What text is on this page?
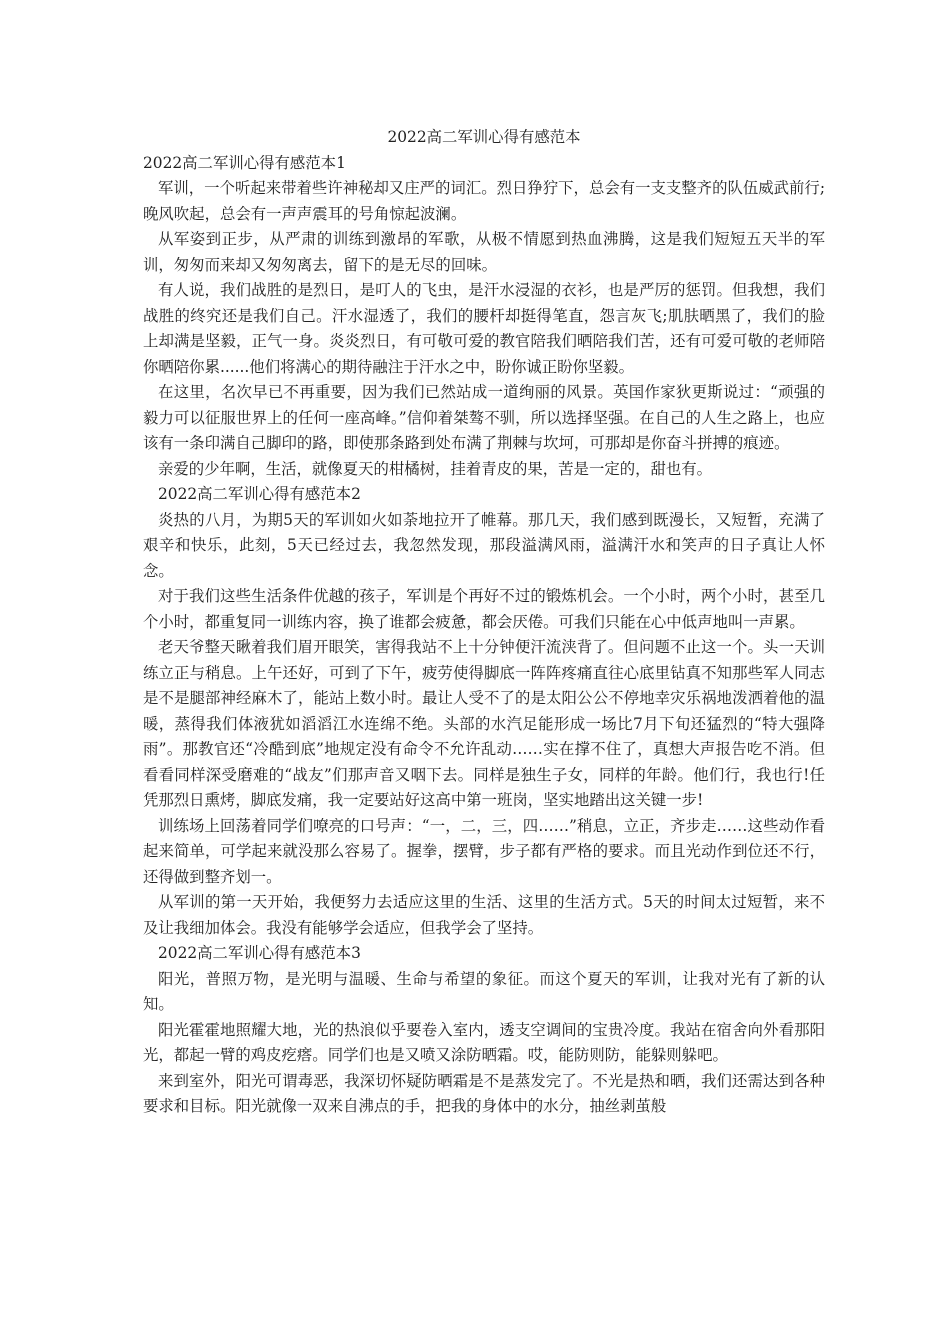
2022高二军训心得有感范本

2022高二军训心得有感范本1

军训，一个听起来带着些许神秘却又庄严的词汇。烈日狰狞下，总会有一支支整齐的队伍威武前行;晚风吹起，总会有一声声震耳的号角惊起波澜。

从军姿到正步，从严肃的训练到激昂的军歌，从极不情愿到热血沸腾，这是我们短短五天半的军训，匆匆而来却又匆匆离去，留下的是无尽的回味。

有人说，我们战胜的是烈日，是叮人的飞虫，是汗水浸湿的衣衫，也是严厉的惩罚。但我想，我们战胜的终究还是我们自己。汗水湿透了，我们的腰杆却挺得笔直，怨言灰飞;肌肤晒黑了，我们的脸上却满是坚毅，正气一身。炎炎烈日，有可敬可爱的教官陪我们晒陪我们苦，还有可爱可敬的老师陪你晒陪你累......他们将满心的期待融注于汗水之中，盼你诚正盼你坚毅。

在这里，名次早已不再重要，因为我们已然站成一道绚丽的风景。英国作家狄更斯说过：“顽强的毅力可以征服世界上的任何一座高峰。”信仰着桀骜不驯，所以选择坚强。在自己的人生之路上，也应该有一条印满自己脚印的路，即使那条路到处布满了荆棘与坎坷，可那却是你奋斗拼搏的痕迹。

亲爱的少年啊，生活，就像夏天的柑橘树，挂着青皮的果，苦是一定的，甜也有。

2022高二军训心得有感范本2

炎热的八月，为期5天的军训如火如荼地拉开了帷幕。那几天，我们感到既漫长，又短暂，充满了艰辛和快乐，此刻，5天已经过去，我忽然发现，那段溢满风雨，溢满汗水和笑声的日子真让人怀念。

对于我们这些生活条件优越的孩子，军训是个再好不过的锻炼机会。一个小时，两个小时，甚至几个小时，都重复同一训练内容，换了谁都会疲惫，都会厌倦。可我们只能在心中低声地叫一声累。

老天爷整天瞅着我们眉开眼笑，害得我站不上十分钟便汗流浃背了。但问题不止这一个。头一天训练立正与稍息。上午还好，可到了下午，疲劳使得脚底一阵阵疼痛直往心底里钻真不知那些军人同志是不是腿部神经麻木了，能站上数小时。最让人受不了的是太阳公公不停地幸灾乐祸地泼洒着他的温暖，蒸得我们体液犹如滔滔江水连绵不绝。头部的水汽足能形成一场比7月下旬还猛烈的“特大强降雨”。那教官还“冷酷到底”地规定没有命令不允许乱动……实在撑不住了，真想大声报告吃不消。但看看同样深受磨难的“战友”们那声音又咽下去。同样是独生子女，同样的年龄。他们行，我也行!任凭那烈日熏烤，脚底发痛，我一定要站好这高中第一班岗，坚实地踏出这关键一步!

训练场上回荡着同学们嘹亮的口号声：“一，二，三，四……”稍息，立正，齐步走……这些动作看起来简单，可学起来就没那么容易了。握拳，摆臂，步子都有严格的要求。而且光动作到位还不行，还得做到整齐划一。

从军训的第一天开始，我便努力去适应这里的生活、这里的生活方式。5天的时间太过短暂，来不及让我细加体会。我没有能够学会适应，但我学会了坚持。

2022高二军训心得有感范本3

阳光，普照万物，是光明与温暖、生命与希望的象征。而这个夏天的军训，让我对光有了新的认知。

阳光霍霍地照耀大地，光的热浪似乎要卷入室内，透支空调间的宝贵冷度。我站在宿舍向外看那阳光，都起一臂的鸡皮疙瘩。同学们也是又喷又涂防晒霜。哎，能防则防，能躲则躲吧。

来到室外，阳光可谓毒恶，我深切怀疑防晒霜是不是蒸发完了。不光是热和晒，我们还需达到各种要求和目标。阳光就像一双来自沸点的手，把我的身体中的水分，抽丝剥茧般
